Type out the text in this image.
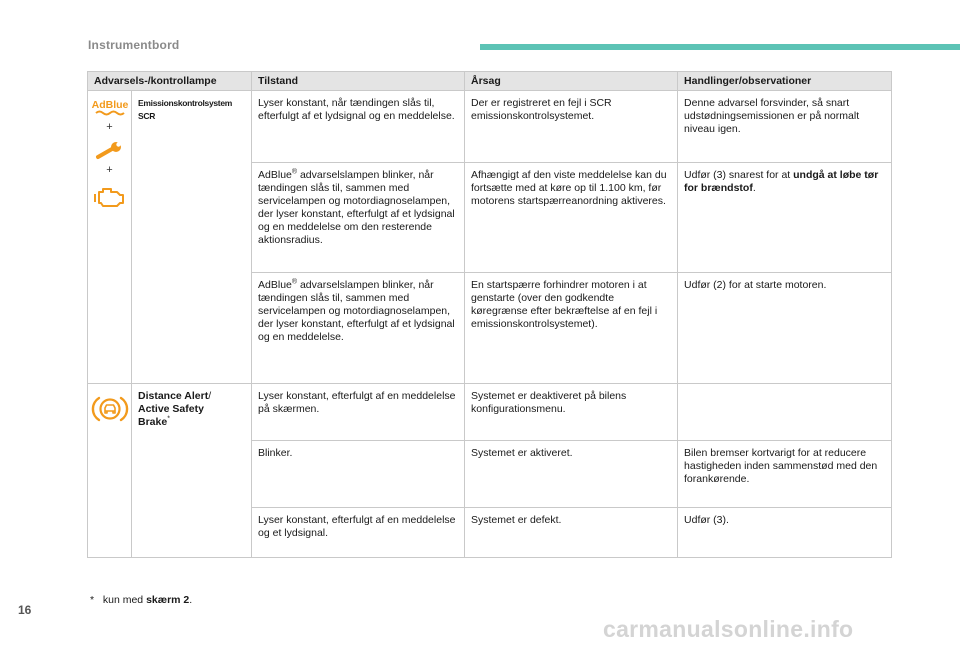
Instrumentbord
Advarsels-/kontrollampe		Tilstand	Årsag	Handlinger/observationer

AdBlue
+
+	Emissionskontrolsystem SCR	Lyser konstant, når tændingen slås til, efterfulgt af et lydsignal og en meddelelse.	Der er registreret en fejl i SCR emissionskontrolsystemet.	Denne advarsel forsvinder, så snart udstødningsemissionen er på normalt niveau igen.
		AdBlue® advarselslampen blinker, når tændingen slås til, sammen med servicelampen og motordiagnoselampen, der lyser konstant, efterfulgt af et lydsignal og en meddelelse om den resterende aktionsradius.	Afhængigt af den viste meddelelse kan du fortsætte med at køre op til 1.100 km, før motorens startspærreanordning aktiveres.	Udfør (3) snarest for at undgå at løbe tør for brændstof.
		AdBlue® advarselslampen blinker, når tændingen slås til, sammen med servicelampen og motordiagnoselampen, der lyser konstant, efterfulgt af et lydsignal og en meddelelse.	En startspærre forhindrer motoren i at genstarte (over den godkendte køregrænse efter bekræftelse af en fejl i emissionskontrolsystemet).	Udfør (2) for at starte motoren.

	Distance Alert/
Active Safety
Brake*	Lyser konstant, efterfulgt af en meddelelse på skærmen.	Systemet er deaktiveret på bilens konfigurationsmenu.	
		Blinker.	Systemet er aktiveret.	Bilen bremser kortvarigt for at reducere hastigheden inden sammenstød med den forankørende.
		Lyser konstant, efterfulgt af en meddelelse og et lydsignal.	Systemet er defekt.	Udfør (3).
* kun med skærm 2.
16
carmanualsonline.info
